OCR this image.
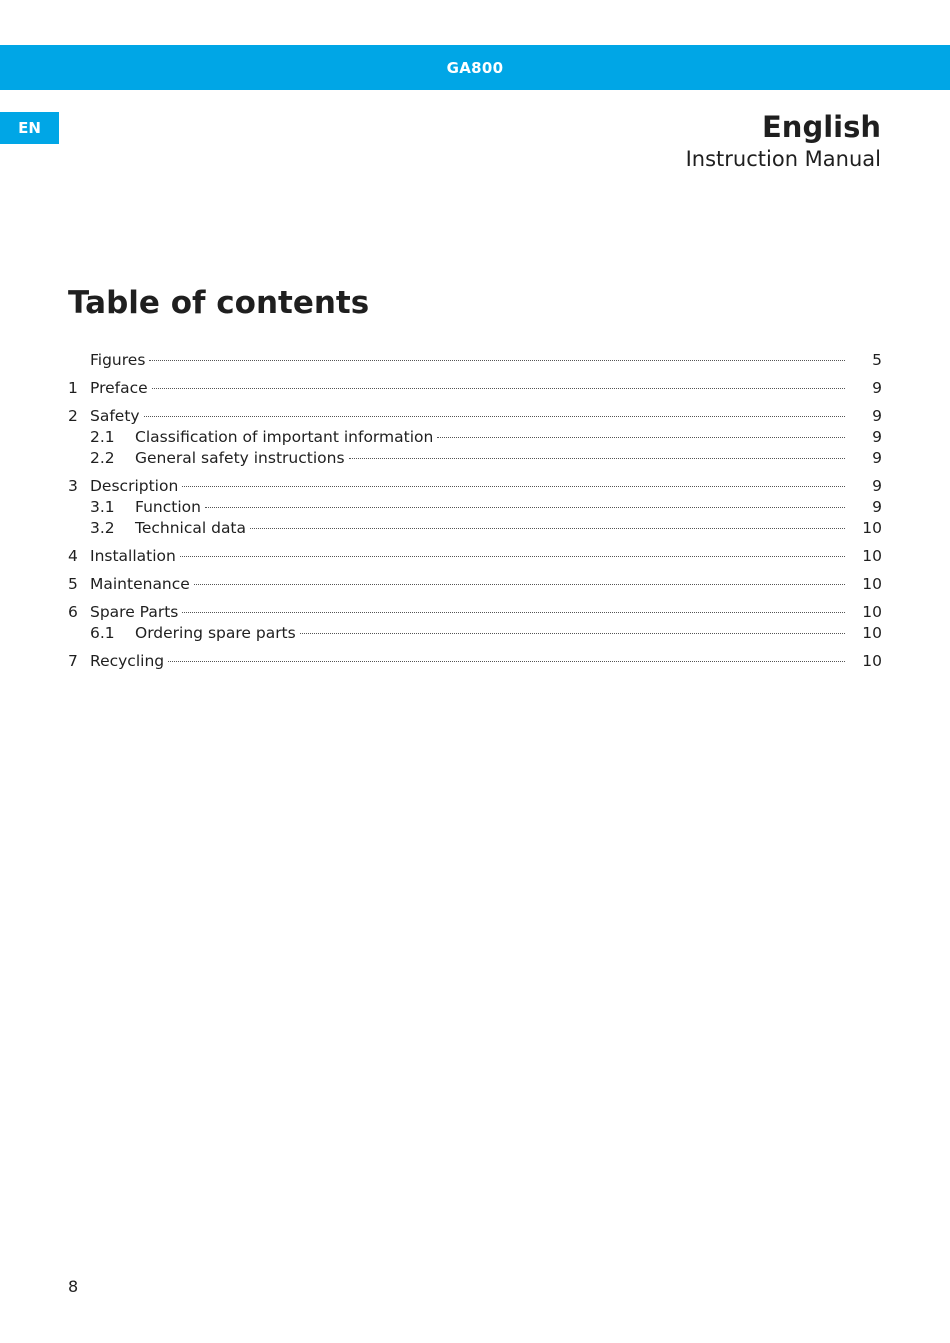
GA800
EN	English
Instruction Manual
Table of contents
Figures	5
1 Preface	9
2 Safety	9
2.1	Classification of important information	9
2.2	General safety instructions	9
3 Description	9
3.1	Function	9
3.2	Technical data	10
4 Installation	10
5 Maintenance	10
6 Spare Parts	10
6.1	Ordering spare parts	10
7 Recycling	10
8
